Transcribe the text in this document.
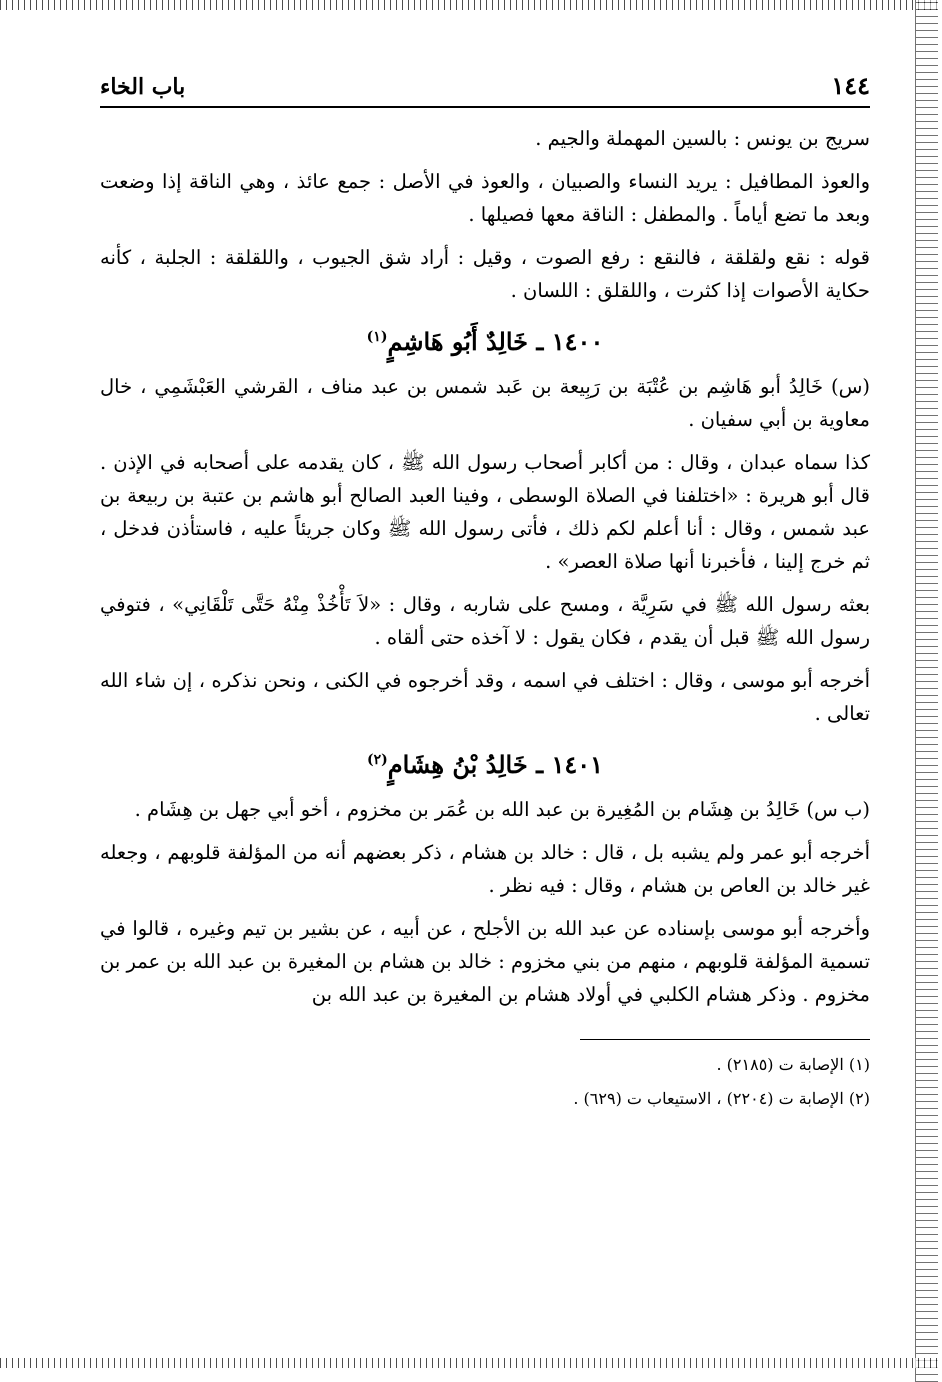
١٤٤
باب الخاء

سريج بن يونس : بالسين المهملة والجيم .

والعوذ المطافيل : يريد النساء والصبيان ، والعوذ في الأصل : جمع عائذ ، وهي الناقة إذا وضعت وبعد ما تضع أياماً . والمطفل : الناقة معها فصيلها .

قوله : نقع ولقلقة ، فالنقع : رفع الصوت ، وقيل : أراد شق الجيوب ، واللقلقة : الجلبة ، كأنه حكاية الأصوات إذا كثرت ، واللقلق : اللسان .

١٤٠٠ ـ خَالِدٌ أَبُو هَاشِمٍ$^{(١)}$

(س) خَالِدُ أبو هَاشِم بن عُتْبَة بن رَبِيعة بن عَبد شمس بن عبد مناف ، القرشي العَبْشَمِي ، خال معاوية بن أبي سفيان .

كذا سماه عبدان ، وقال : من أكابر أصحاب رسول الله ﷺ ، كان يقدمه على أصحابه في الإذن . قال أبو هريرة : «اختلفنا في الصلاة الوسطى ، وفينا العبد الصالح أبو هاشم بن عتبة بن ربيعة بن عبد شمس ، وقال : أنا أعلم لكم ذلك ، فأتى رسول الله ﷺ وكان جريئاً عليه ، فاستأذن فدخل ، ثم خرج إلينا ، فأخبرنا أنها صلاة العصر» .

بعثه رسول الله ﷺ في سَرِيَّة ، ومسح على شاربه ، وقال : «لاَ تَأْخُذْ مِنْهُ حَتَّى تَلْقَانِي» ، فتوفي رسول الله ﷺ قبل أن يقدم ، فكان يقول : لا آخذه حتى ألقاه .

أخرجه أبو موسى ، وقال : اختلف في اسمه ، وقد أخرجوه في الكنى ، ونحن نذكره ، إن شاء الله تعالى .

١٤٠١ ـ خَالِدُ بْنُ هِشَامٍ$^{(٢)}$

(ب س) خَالِدُ بن هِشَام بن المُغِيرة بن عبد الله بن عُمَر بن مخزوم ، أخو أبي جهل بن هِشَام .

أخرجه أبو عمر ولم يشبه بل ، قال : خالد بن هشام ، ذكر بعضهم أنه من المؤلفة قلوبهم ، وجعله غير خالد بن العاص بن هشام ، وقال : فيه نظر .

وأخرجه أبو موسى بإسناده عن عبد الله بن الأجلح ، عن أبيه ، عن بشير بن تيم وغيره ، قالوا في تسمية المؤلفة قلوبهم ، منهم من بني مخزوم : خالد بن هشام بن المغيرة بن عبد الله بن عمر بن مخزوم . وذكر هشام الكلبي في أولاد هشام بن المغيرة بن عبد الله بن

(١) الإصابة ت (٢١٨٥) .

(٢) الإصابة ت (٢٢٠٤) ، الاستيعاب ت (٦٢٩) .
